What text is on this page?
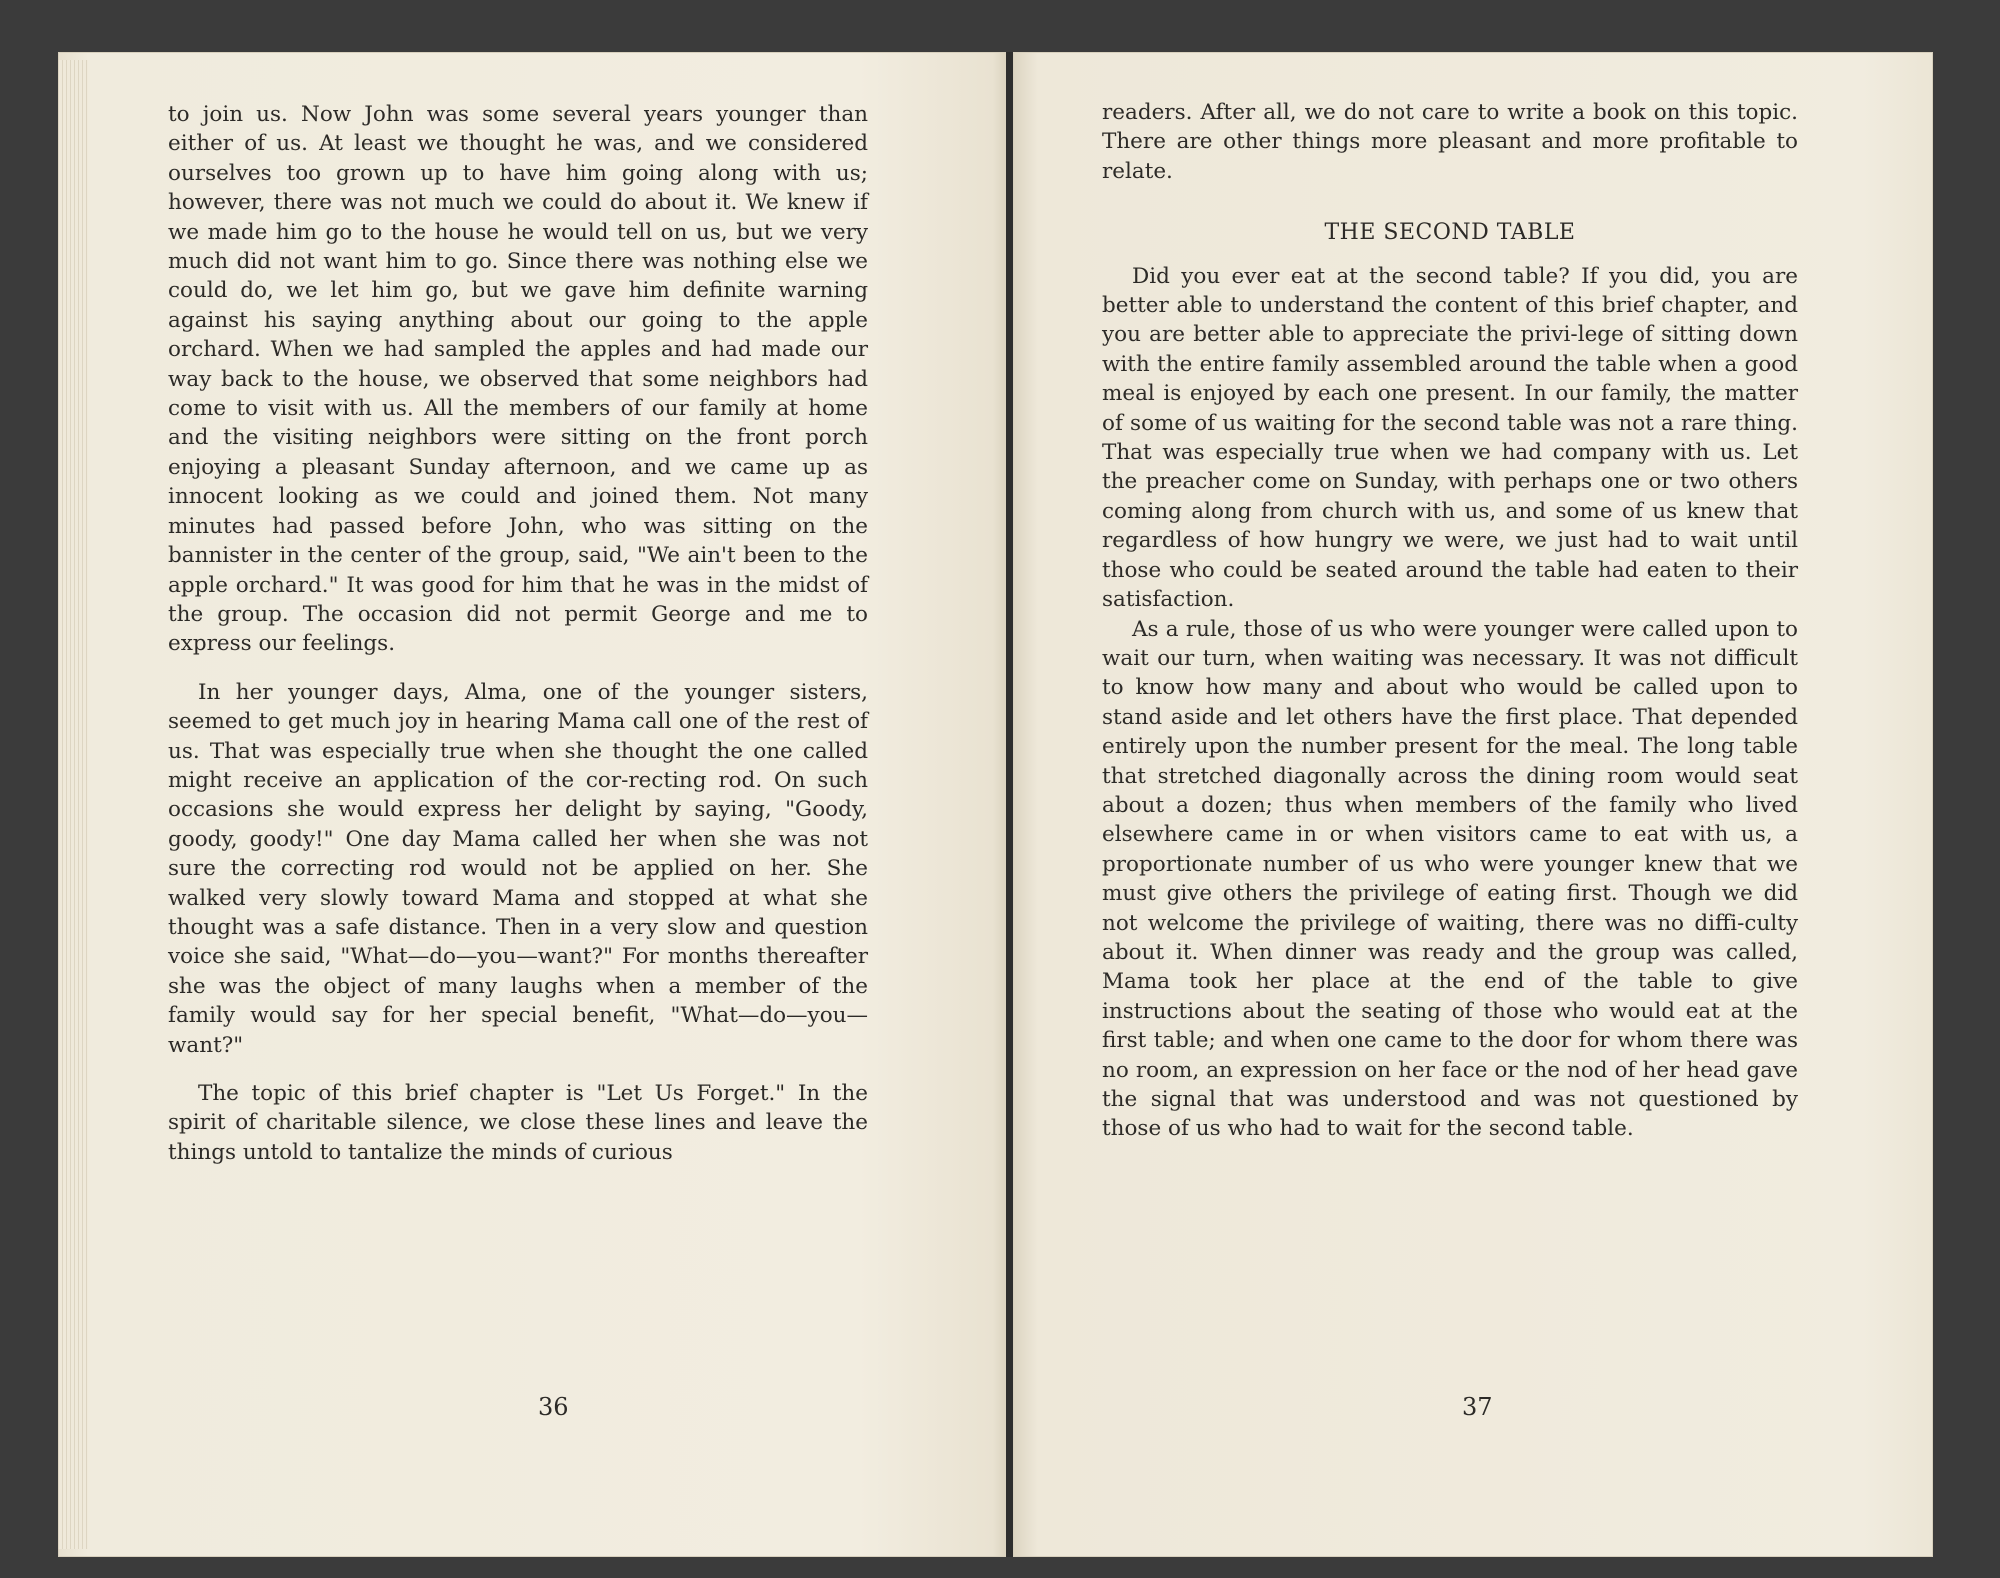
to join us. Now John was some several years younger than either of us. At least we thought he was, and we considered ourselves too grown up to have him going along with us; however, there was not much we could do about it. We knew if we made him go to the house he would tell on us, but we very much did not want him to go. Since there was nothing else we could do, we let him go, but we gave him definite warning against his saying anything about our going to the apple orchard. When we had sampled the apples and had made our way back to the house, we observed that some neighbors had come to visit with us. All the members of our family at home and the visiting neighbors were sitting on the front porch enjoying a pleasant Sunday afternoon, and we came up as innocent looking as we could and joined them. Not many minutes had passed before John, who was sitting on the bannister in the center of the group, said, "We ain't been to the apple orchard." It was good for him that he was in the midst of the group. The occasion did not permit George and me to express our feelings.

In her younger days, Alma, one of the younger sisters, seemed to get much joy in hearing Mama call one of the rest of us. That was especially true when she thought the one called might receive an application of the cor-recting rod. On such occasions she would express her delight by saying, "Goody, goody, goody!" One day Mama called her when she was not sure the correcting rod would not be applied on her. She walked very slowly toward Mama and stopped at what she thought was a safe distance. Then in a very slow and question voice she said, "What—do—you—want?" For months thereafter she was the object of many laughs when a member of the family would say for her special benefit, "What—do—you—want?"

The topic of this brief chapter is "Let Us Forget." In the spirit of charitable silence, we close these lines and leave the things untold to tantalize the minds of curious

36

readers. After all, we do not care to write a book on this topic. There are other things more pleasant and more profitable to relate.

THE SECOND TABLE

Did you ever eat at the second table? If you did, you are better able to understand the content of this brief chapter, and you are better able to appreciate the privi-lege of sitting down with the entire family assembled around the table when a good meal is enjoyed by each one present. In our family, the matter of some of us waiting for the second table was not a rare thing. That was especially true when we had company with us. Let the preacher come on Sunday, with perhaps one or two others coming along from church with us, and some of us knew that regardless of how hungry we were, we just had to wait until those who could be seated around the table had eaten to their satisfaction.

As a rule, those of us who were younger were called upon to wait our turn, when waiting was necessary. It was not difficult to know how many and about who would be called upon to stand aside and let others have the first place. That depended entirely upon the number present for the meal. The long table that stretched diagonally across the dining room would seat about a dozen; thus when members of the family who lived elsewhere came in or when visitors came to eat with us, a proportionate number of us who were younger knew that we must give others the privilege of eating first. Though we did not welcome the privilege of waiting, there was no diffi-culty about it. When dinner was ready and the group was called, Mama took her place at the end of the table to give instructions about the seating of those who would eat at the first table; and when one came to the door for whom there was no room, an expression on her face or the nod of her head gave the signal that was understood and was not questioned by those of us who had to wait for the second table.

37
